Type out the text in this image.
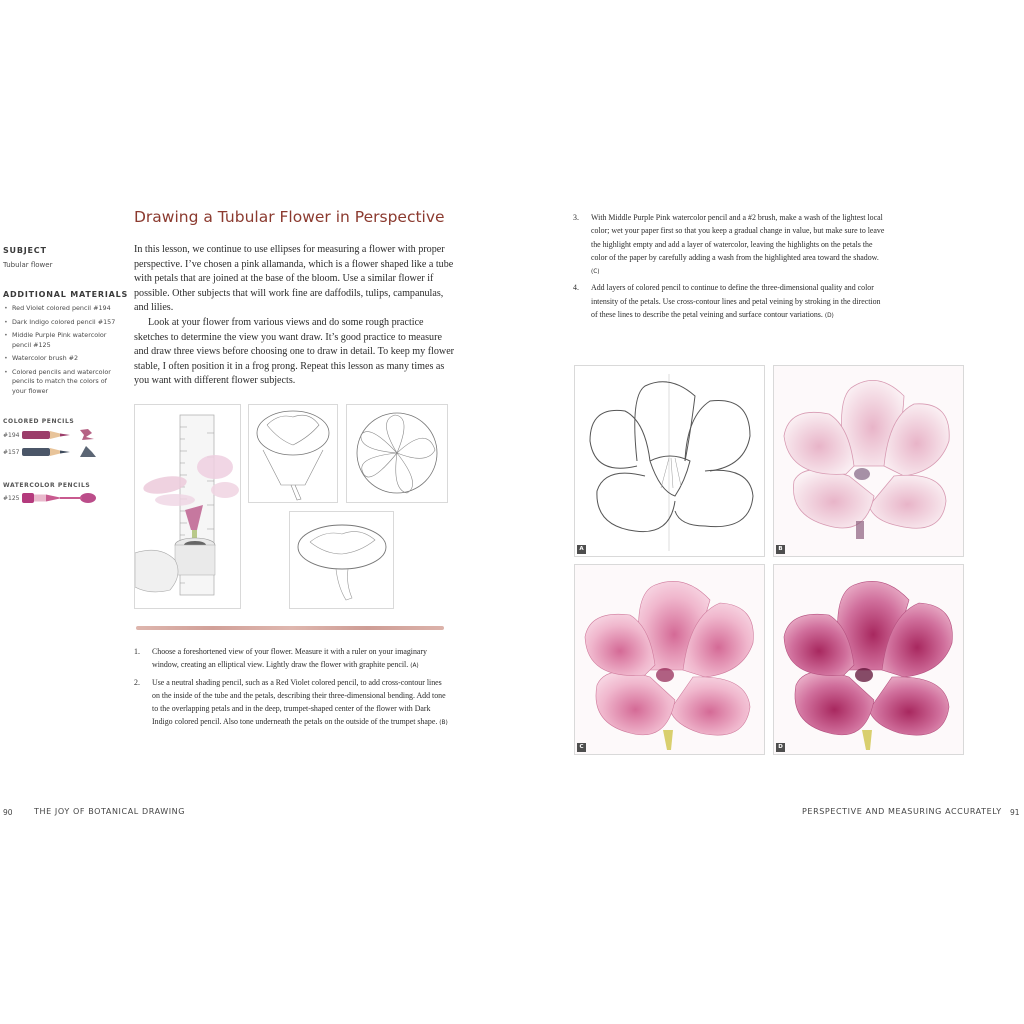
SUBJECT
Tubular flower
ADDITIONAL MATERIALS
• Red Violet colored pencil #194
• Dark Indigo colored pencil #157
• Middle Purple Pink watercolor pencil #125
• Watercolor brush #2
• Colored pencils and watercolor pencils to match the colors of your flower
COLORED PENCILS
#194
#157
WATERCOLOR PENCILS
#125
Drawing a Tubular Flower in Perspective

In this lesson, we continue to use ellipses for measuring a flower with proper perspective. I’ve chosen a pink allamanda, which is a flower shaped like a tube with petals that are joined at the base of the bloom. Use a similar flower if possible. Other subjects that will work fine are daffodils, tulips, campanulas, and lilies.

Look at your flower from various views and do some rough practice sketches to determine the view you want draw. It’s good practice to measure and draw three views before choosing one to draw in detail. To keep my flower stable, I often position it in a frog prong. Repeat this lesson as many times as you want with different flower subjects.

1. Choose a foreshortened view of your flower. Measure it with a ruler on your imaginary window, creating an elliptical view. Lightly draw the flower with graphite pencil. (A)
2. Use a neutral shading pencil, such as a Red Violet colored pencil, to add cross-contour lines on the inside of the tube and the petals, describing their three-dimensional bending. Add tone to the overlapping petals and in the deep, trumpet-shaped center of the flower with Dark Indigo colored pencil. Also tone underneath the petals on the outside of the trumpet shape. (B)
90	THE JOY OF BOTANICAL DRAWING
3. With Middle Purple Pink watercolor pencil and a #2 brush, make a wash of the lightest local color; wet your paper first so that you keep a gradual change in value, but make sure to leave the highlight empty and add a layer of watercolor, leaving the highlights on the petals the color of the paper by carefully adding a wash from the highlighted area toward the shadow. (C)
4. Add layers of colored pencil to continue to define the three-dimensional quality and color intensity of the petals. Use cross-contour lines and petal veining by stroking in the direction of these lines to describe the petal veining and surface contour variations. (D)
A	B
C	D
PERSPECTIVE AND MEASURING ACCURATELY 91
